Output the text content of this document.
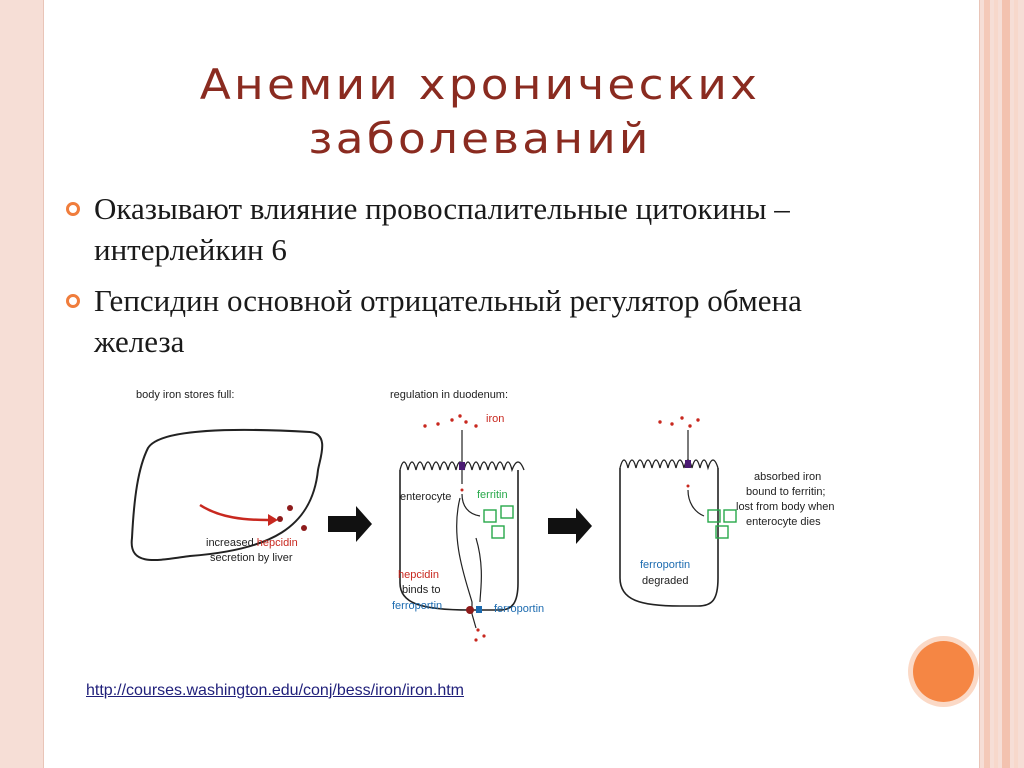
Анемии хронических
заболеваний
Оказывают влияние провоспалительные цитокины – интерлейкин 6
Гепсидин основной отрицательный регулятор обмена железа
body iron stores full:
increased hepcidin
secretion by liver
regulation in duodenum:
iron
enterocyte ferritin
hepcidin
binds to
ferroportin	ferroportin
ferroportin
degraded
absorbed iron
bound to ferritin;
lost from body when
enterocyte dies
http://courses.washington.edu/conj/bess/iron/iron.htm
